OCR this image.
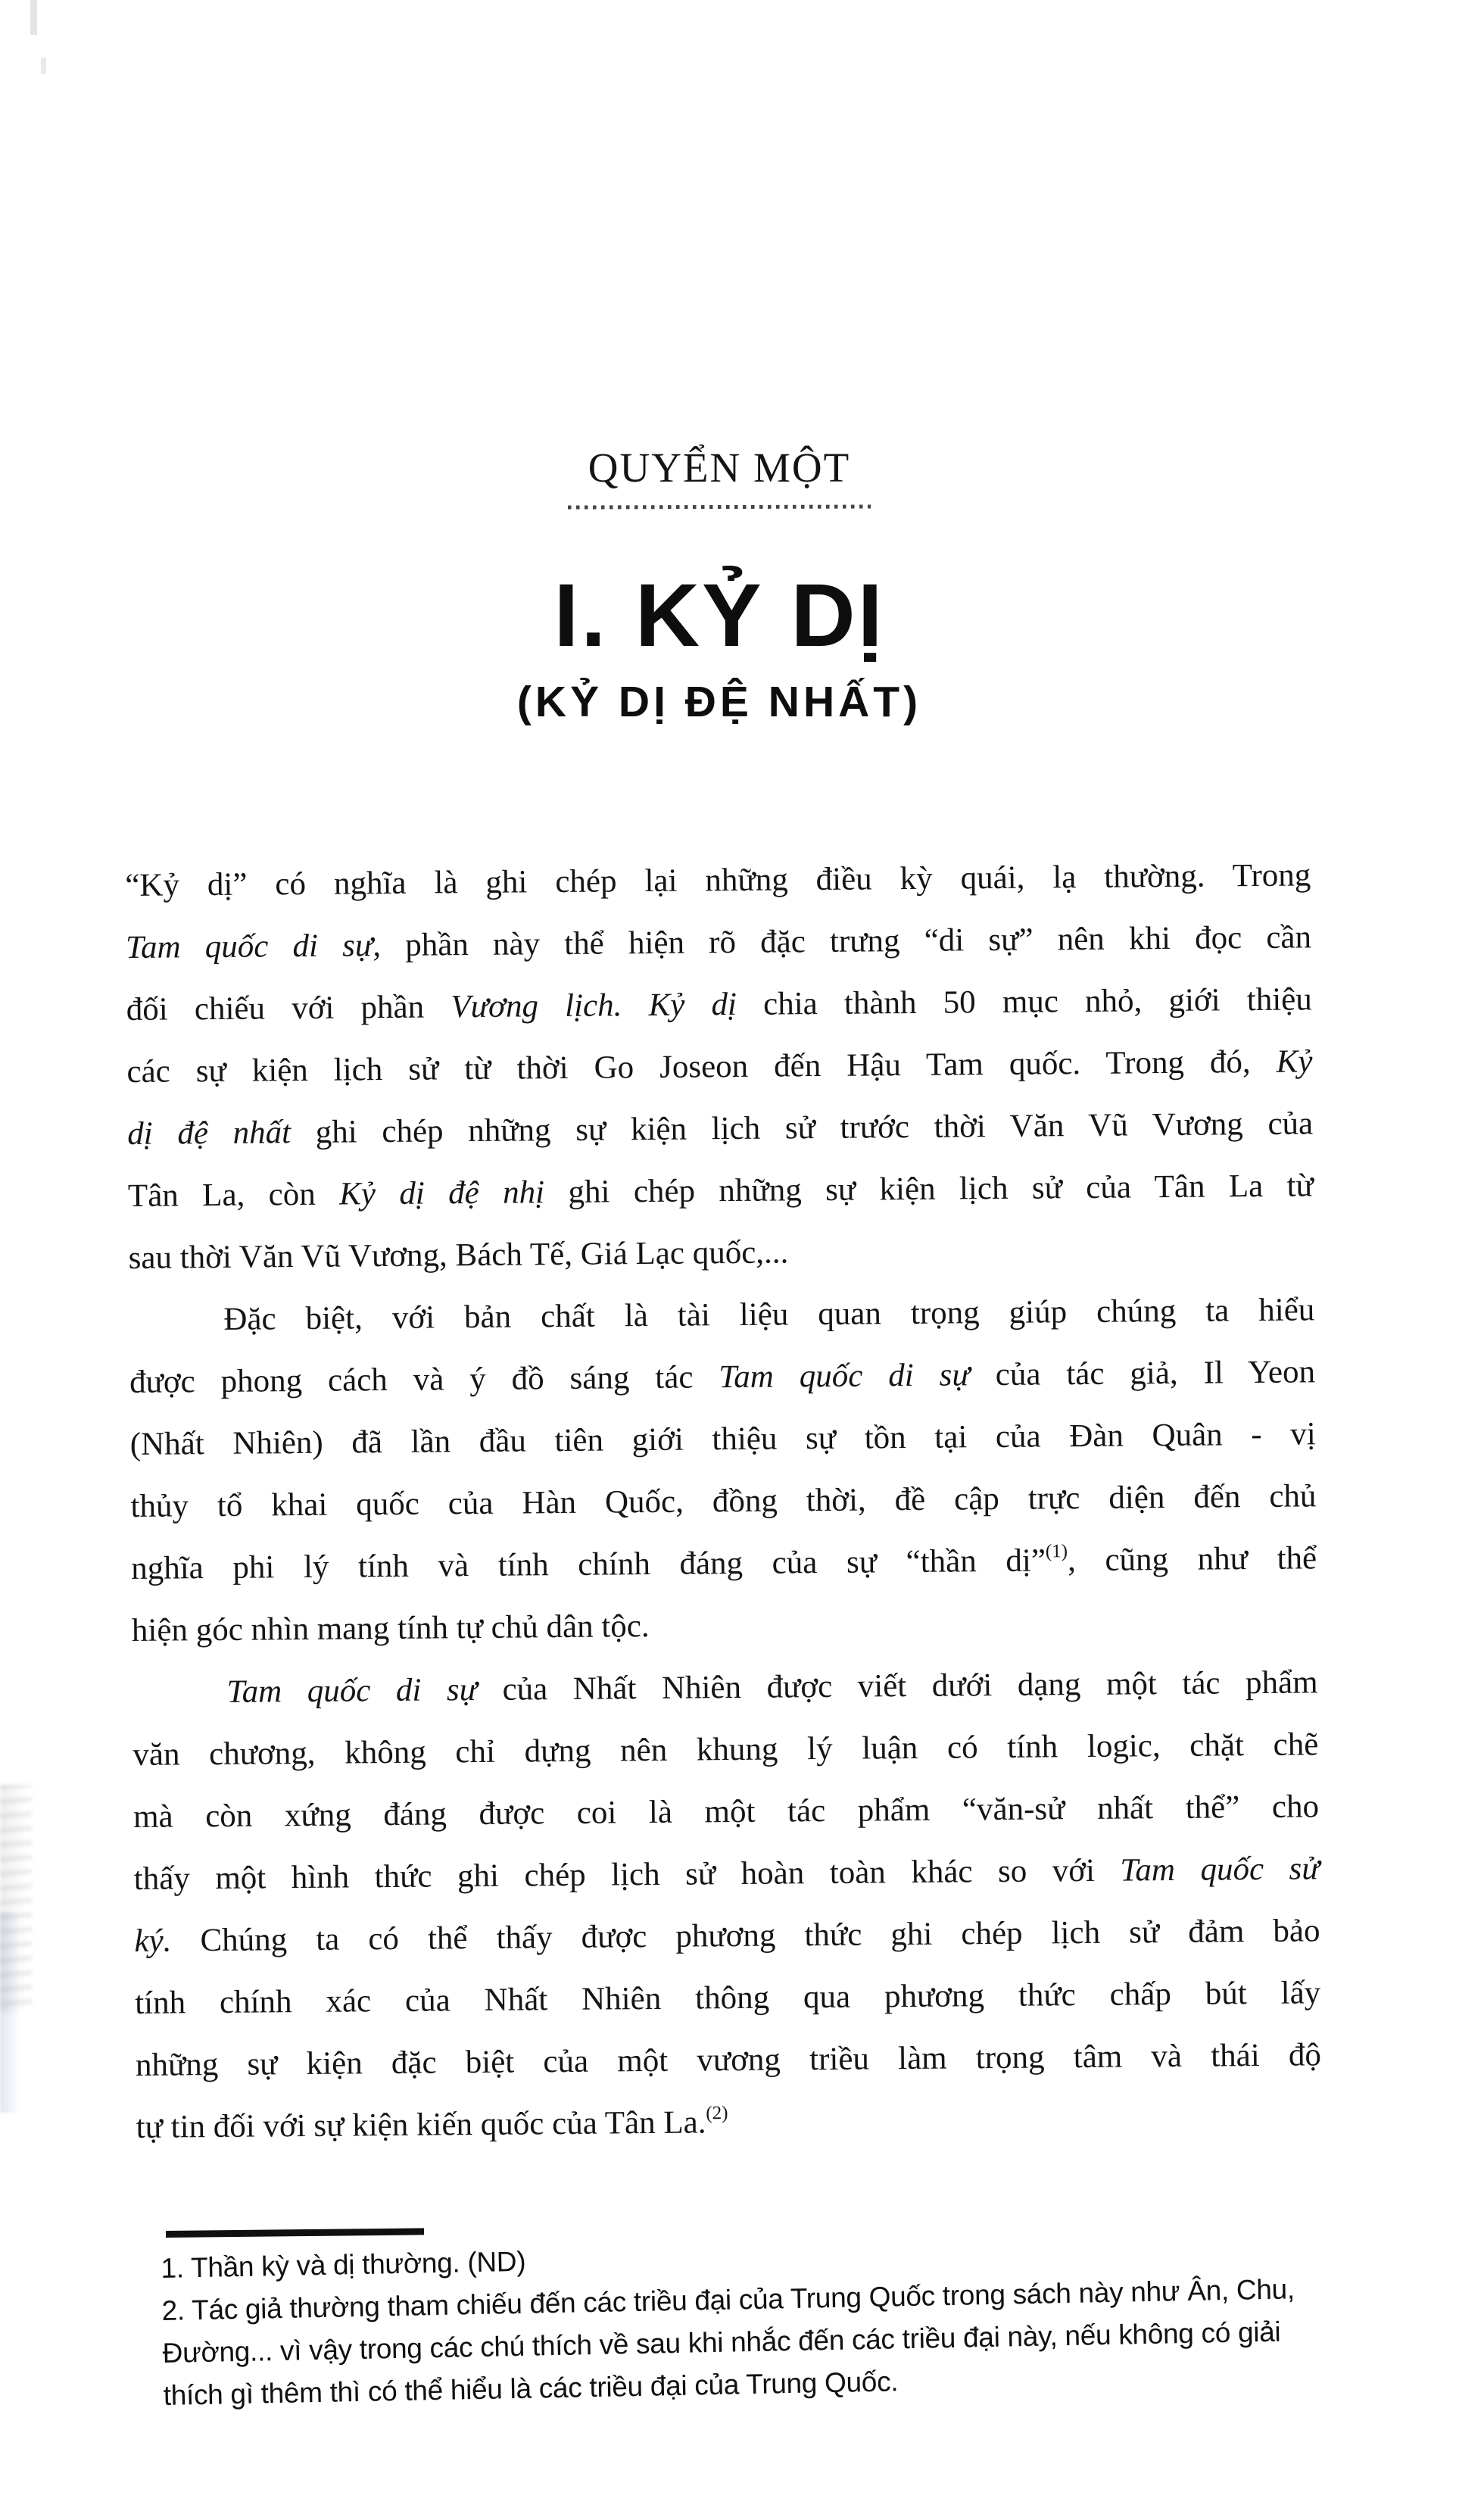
QUYỂN MỘT
I. KỶ DỊ
(KỶ DỊ ĐỆ NHẤT)
“Kỷ dị” có nghĩa là ghi chép lại những điều kỳ quái, lạ thường. Trong
Tam quốc di sự, phần này thể hiện rõ đặc trưng “di sự” nên khi đọc cần
đối chiếu với phần Vương lịch. Kỷ dị chia thành 50 mục nhỏ, giới thiệu
các sự kiện lịch sử từ thời Go Joseon đến Hậu Tam quốc. Trong đó, Kỷ
dị đệ nhất ghi chép những sự kiện lịch sử trước thời Văn Vũ Vương của
Tân La, còn Kỷ dị đệ nhị ghi chép những sự kiện lịch sử của Tân La từ
sau thời Văn Vũ Vương, Bách Tế, Giá Lạc quốc,...
Đặc biệt, với bản chất là tài liệu quan trọng giúp chúng ta hiểu
được phong cách và ý đồ sáng tác Tam quốc di sự của tác giả, Il Yeon
(Nhất Nhiên) đã lần đầu tiên giới thiệu sự tồn tại của Đàn Quân - vị
thủy tổ khai quốc của Hàn Quốc, đồng thời, đề cập trực diện đến chủ
nghĩa phi lý tính và tính chính đáng của sự “thần dị”$^{(1)}$, cũng như thể
hiện góc nhìn mang tính tự chủ dân tộc.
Tam quốc di sự của Nhất Nhiên được viết dưới dạng một tác phẩm
văn chương, không chỉ dựng nên khung lý luận có tính logic, chặt chẽ
mà còn xứng đáng được coi là một tác phẩm “văn-sử nhất thể” cho
thấy một hình thức ghi chép lịch sử hoàn toàn khác so với Tam quốc sử
ký. Chúng ta có thể thấy được phương thức ghi chép lịch sử đảm bảo
tính chính xác của Nhất Nhiên thông qua phương thức chấp bút lấy
những sự kiện đặc biệt của một vương triều làm trọng tâm và thái độ
tự tin đối với sự kiện kiến quốc của Tân La.$^{(2)}$
1. Thần kỳ và dị thường. (ND)
2. Tác giả thường tham chiếu đến các triều đại của Trung Quốc trong sách này như Ân, Chu,
Đường... vì vậy trong các chú thích về sau khi nhắc đến các triều đại này, nếu không có giải
thích gì thêm thì có thể hiểu là các triều đại của Trung Quốc.
